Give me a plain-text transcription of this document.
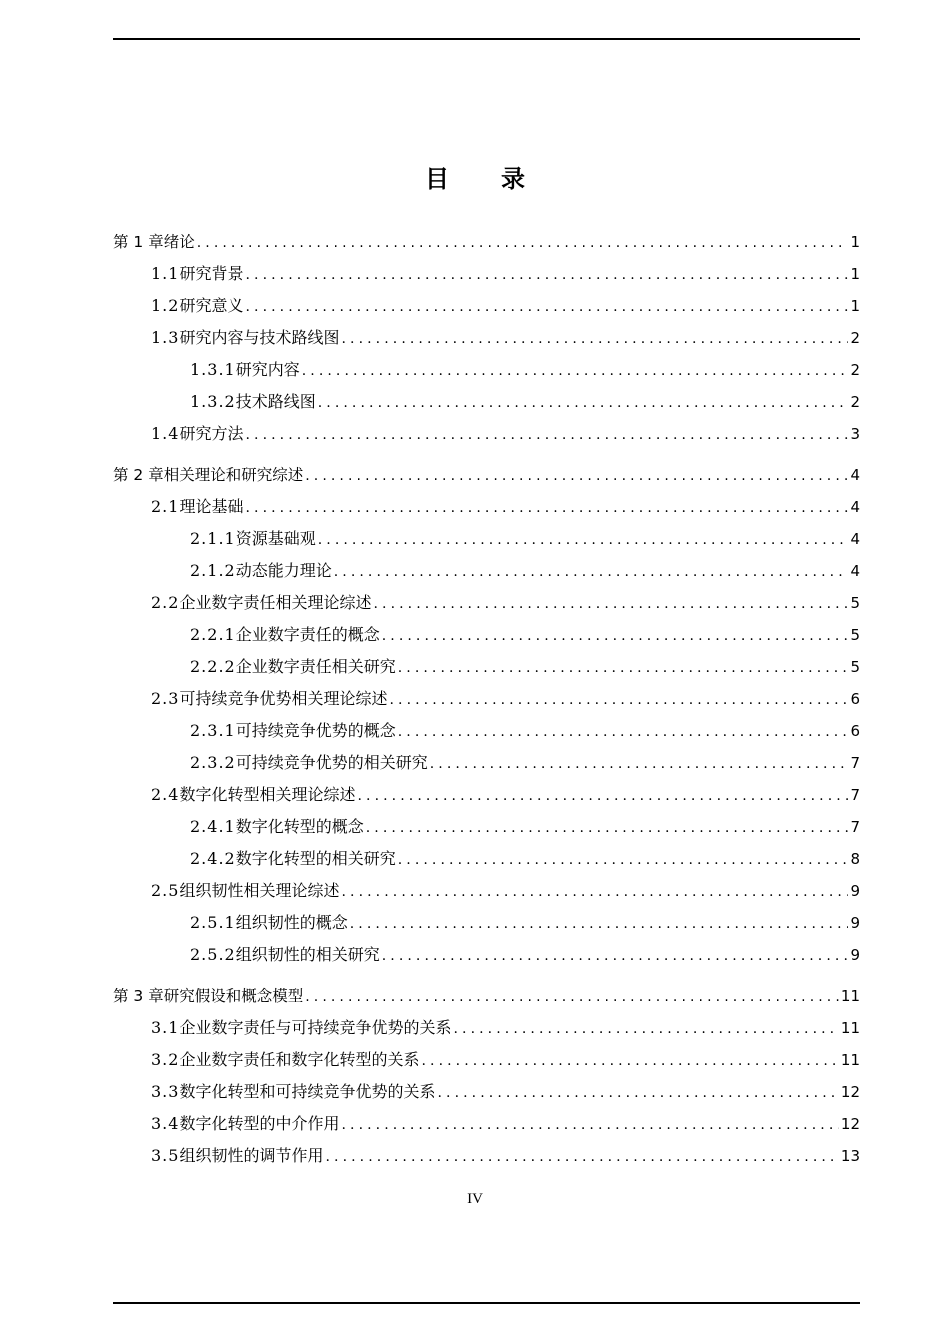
目 录
第 1 章 绪论 .....	1
1.1 研究背景 .....	1
1.2 研究意义 .....	1
1.3 研究内容与技术路线图 .....	2
1.3.1 研究内容 .....	2
1.3.2 技术路线图 .....	2
1.4 研究方法 .....	3
第 2 章 相关理论和研究综述 .....	4
2.1 理论基础 .....	4
2.1.1 资源基础观 .....	4
2.1.2 动态能力理论 .....	4
2.2 企业数字责任相关理论综述 .....	5
2.2.1 企业数字责任的概念 .....	5
2.2.2 企业数字责任相关研究 .....	5
2.3 可持续竞争优势相关理论综述 .....	6
2.3.1 可持续竞争优势的概念 .....	6
2.3.2 可持续竞争优势的相关研究 .....	7
2.4 数字化转型相关理论综述 .....	7
2.4.1 数字化转型的概念 .....	7
2.4.2 数字化转型的相关研究 .....	8
2.5 组织韧性相关理论综述 .....	9
2.5.1 组织韧性的概念 .....	9
2.5.2 组织韧性的相关研究 .....	9
第 3 章 研究假设和概念模型 .....	11
3.1 企业数字责任与可持续竞争优势的关系 .....	11
3.2 企业数字责任和数字化转型的关系 .....	11
3.3 数字化转型和可持续竞争优势的关系 .....	12
3.4 数字化转型的中介作用 .....	12
3.5 组织韧性的调节作用 .....	13
IV
